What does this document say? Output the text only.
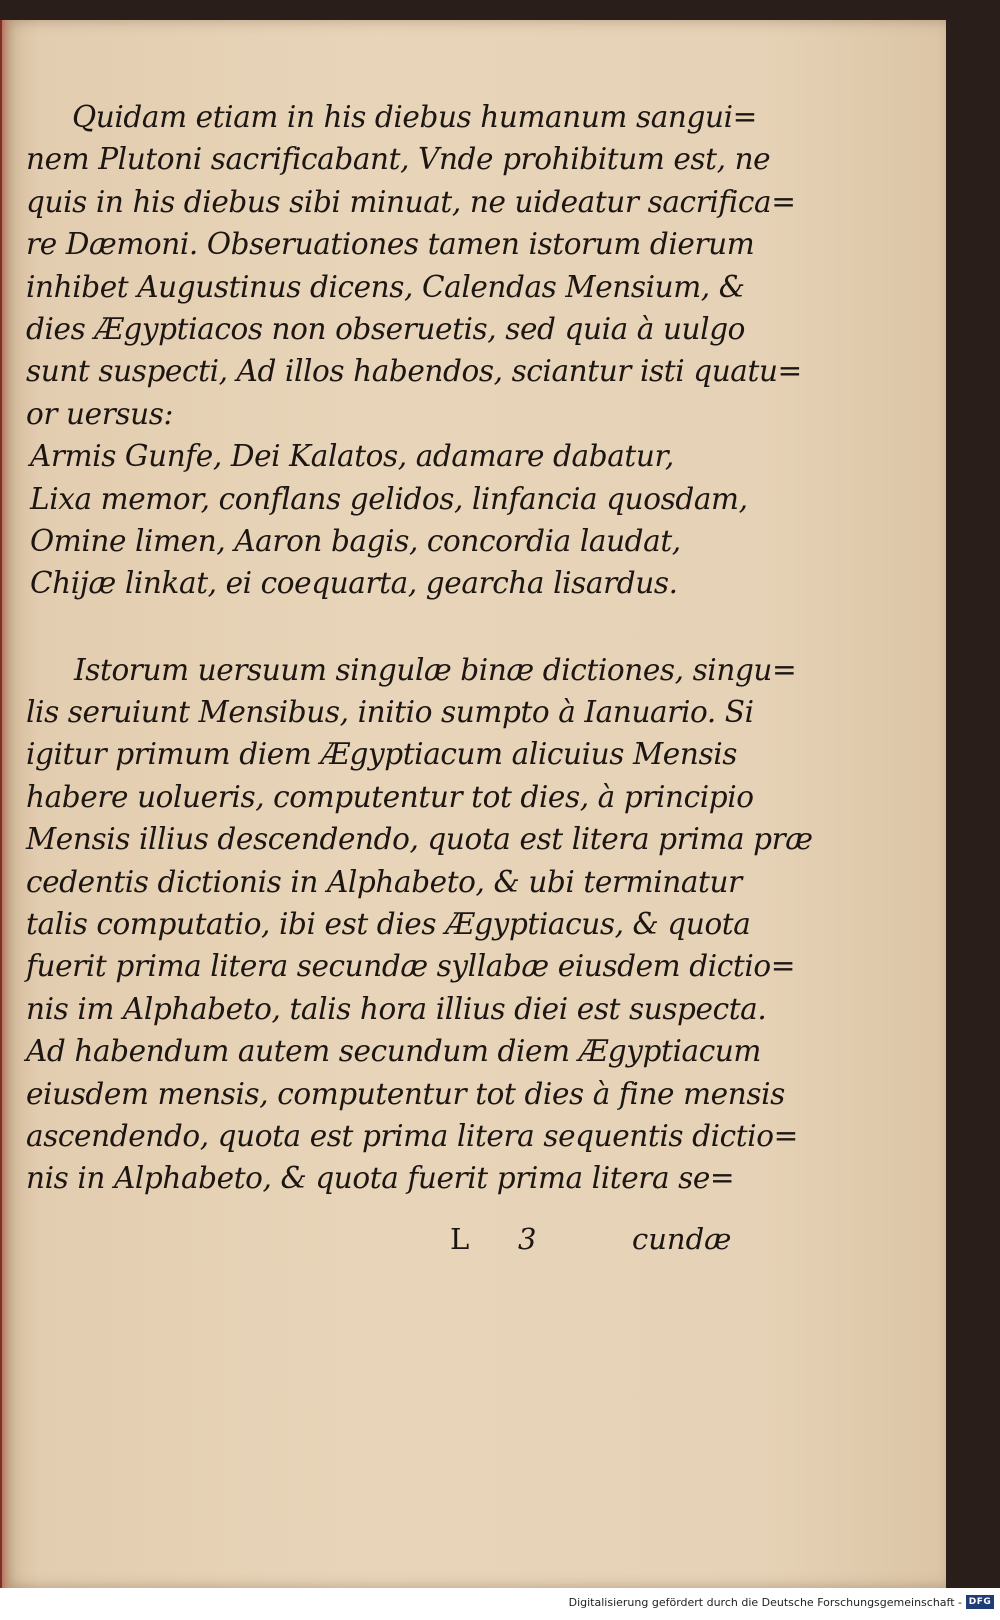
Quidam etiam in his diebus humanum sangui=
nem Plutoni sacrificabant, Vnde prohibitum est, ne
quis in his diebus sibi minuat, ne uideatur sacrifica=
re Dæmoni. Obseruationes tamen istorum dierum
inhibet Augustinus dicens, Calendas Mensium, &
dies Ægyptiacos non obseruetis, sed quia à uulgo
sunt suspecti, Ad illos habendos, sciantur isti quatu=
or uersus:
Armis Gunfe, Dei Kalatos, adamare dabatur,
Lixa memor, conflans gelidos, linfancia quosdam,
Omine limen, Aaron bagis, concordia laudat,
Chijæ linkat, ei coequarta, gearcha lisardus.
Istorum uersuum singulæ binæ dictiones, singu=
lis seruiunt Mensibus, initio sumpto à Ianuario. Si
igitur primum diem Ægyptiacum alicuius Mensis
habere uolueris, computentur tot dies, à principio
Mensis illius descendendo, quota est litera prima præ
cedentis dictionis in Alphabeto, & ubi terminatur
talis computatio, ibi est dies Ægyptiacus, & quota
fuerit prima litera secundæ syllabæ eiusdem dictio=
nis im Alphabeto, talis hora illius diei est suspecta.
Ad habendum autem secundum diem Ægyptiacum
eiusdem mensis, computentur tot dies à fine mensis
ascendendo, quota est prima litera sequentis dictio=
nis in Alphabeto, & quota fuerit prima litera se=
L 3	cundæ
Digitalisierung gefördert durch die Deutsche Forschungsgemeinschaft - DFG
